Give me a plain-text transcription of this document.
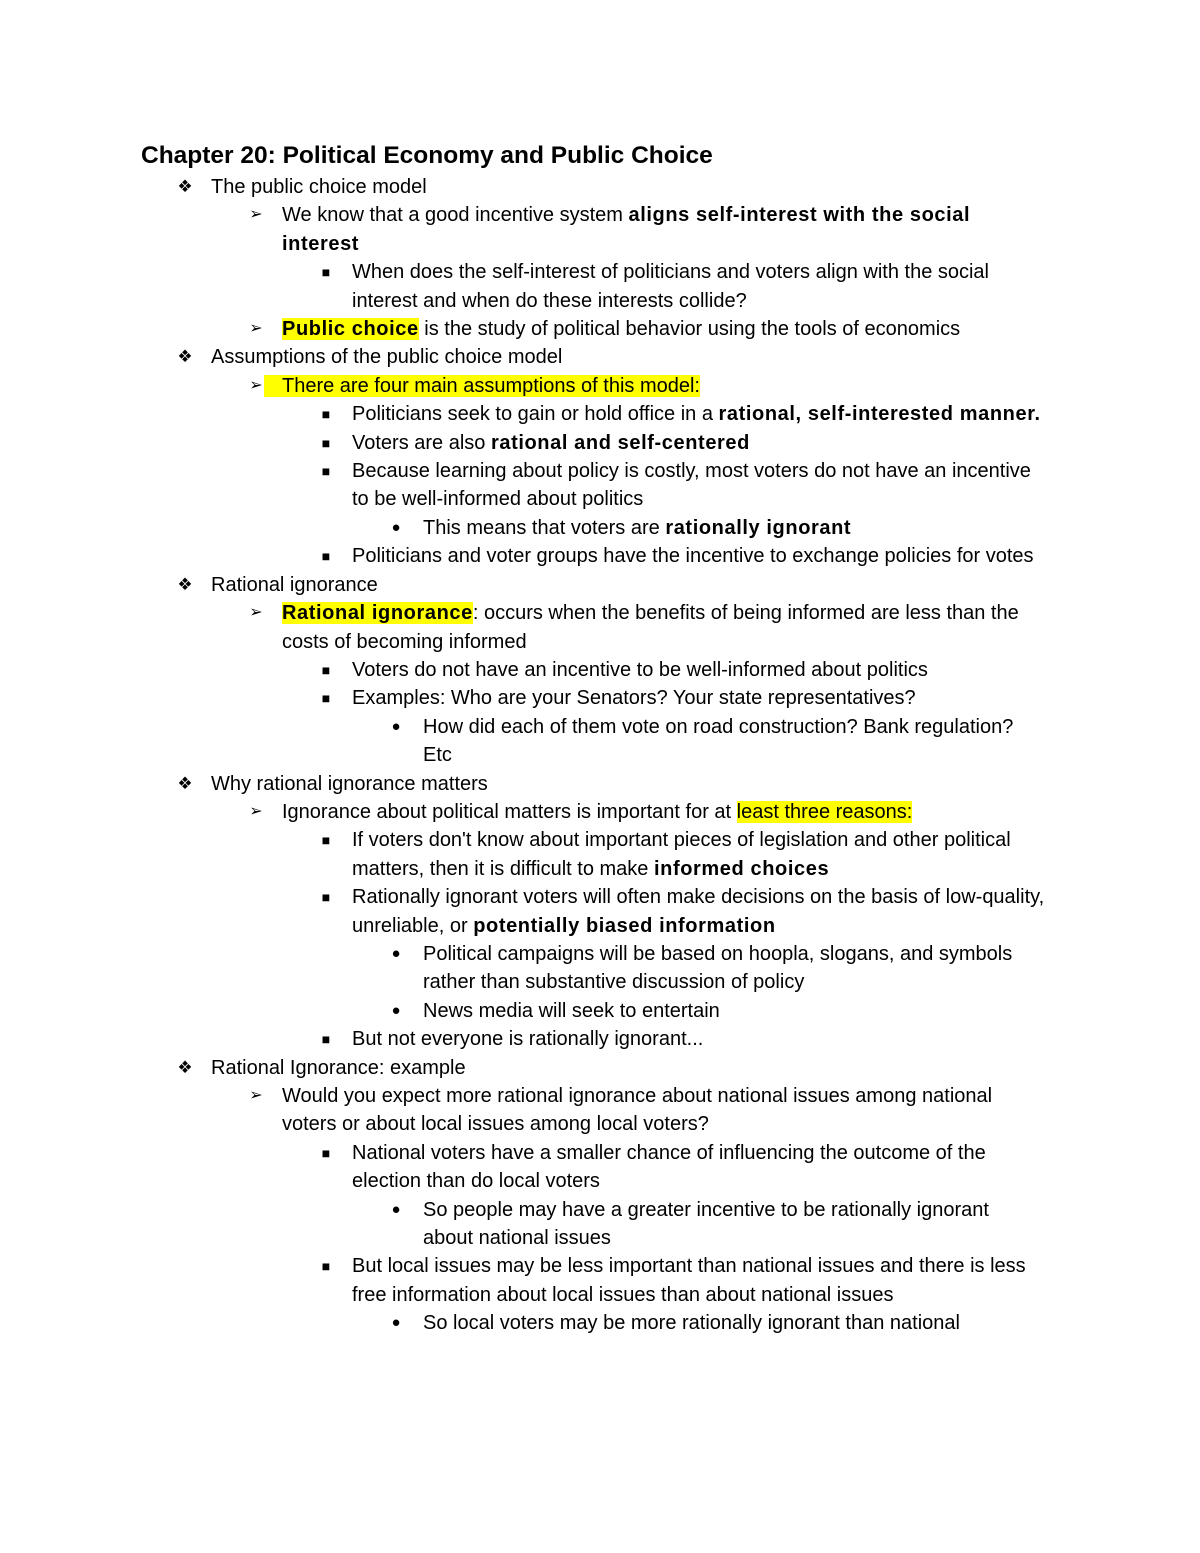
Chapter 20: Political Economy and Public Choice
❖ The public choice model
➢ We know that a good incentive system aligns self-interest with the social interest
■	When does the self-interest of politicians and voters align with the social interest and when do these interests collide?
➢ Public choice is the study of political behavior using the tools of economics
❖ Assumptions of the public choice model
➢ There are four main assumptions of this model:
■	Politicians seek to gain or hold office in a rational, self-interested manner.
■	Voters are also rational and self-centered
■	Because learning about policy is costly, most voters do not have an incentive to be well-informed about politics
●	This means that voters are rationally ignorant
■	Politicians and voter groups have the incentive to exchange policies for votes
❖ Rational ignorance
➢ Rational ignorance: occurs when the benefits of being informed are less than the costs of becoming informed
■	Voters do not have an incentive to be well-informed about politics
■	Examples: Who are your Senators? Your state representatives?
●	How did each of them vote on road construction? Bank regulation? Etc
❖ Why rational ignorance matters
➢ Ignorance about political matters is important for at least three reasons:
■	If voters don't know about important pieces of legislation and other political matters, then it is difficult to make informed choices
■	Rationally ignorant voters will often make decisions on the basis of low-quality, unreliable, or potentially biased information
●	Political campaigns will be based on hoopla, slogans, and symbols rather than substantive discussion of policy
●	News media will seek to entertain
■	But not everyone is rationally ignorant...
❖ Rational Ignorance: example
➢ Would you expect more rational ignorance about national issues among national voters or about local issues among local voters?
■	National voters have a smaller chance of influencing the outcome of the election than do local voters
●	So people may have a greater incentive to be rationally ignorant about national issues
■	But local issues may be less important than national issues and there is less free information about local issues than about national issues
●	So local voters may be more rationally ignorant than national
